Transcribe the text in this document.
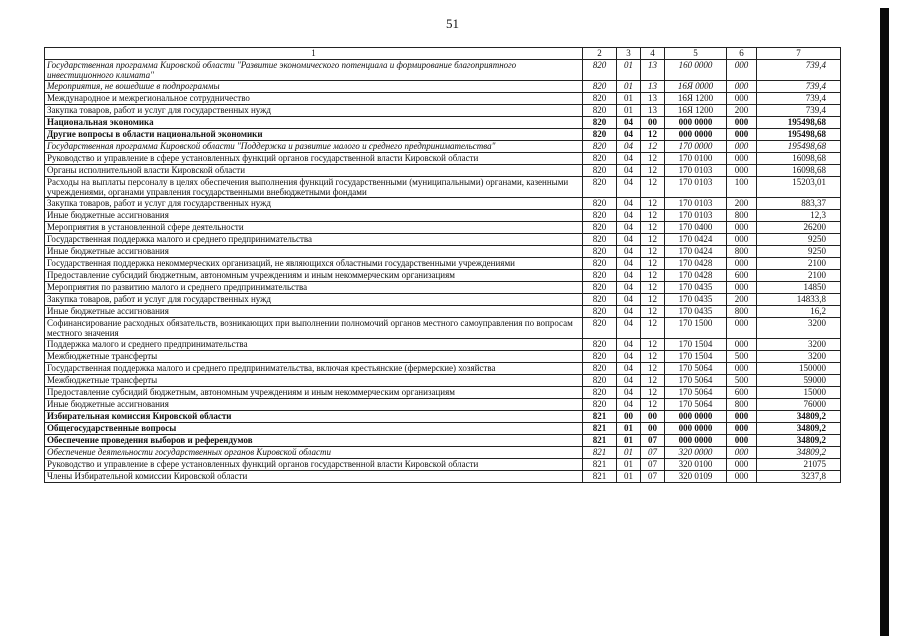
51
1	2	3	4	5	6	7
Государственная программа Кировской области "Развитие экономического потенциала и формирование благоприятного инвестиционного климата"	820	01	13	160 0000	000	739,4
Мероприятия, не вошедшие в подпрограммы	820	01	13	16Я 0000	000	739,4
Международное и межрегиональное сотрудничество	820	01	13	16Я 1200	000	739,4
Закупка товаров, работ и услуг для государственных нужд	820	01	13	16Я 1200	200	739,4
Национальная экономика	820	04	00	000 0000	000	195498,68
Другие вопросы в области национальной экономики	820	04	12	000 0000	000	195498,68
Государственная программа Кировской области "Поддержка и развитие малого и среднего предпринимательства"	820	04	12	170 0000	000	195498,68
Руководство и управление в сфере установленных функций органов государственной власти Кировской области	820	04	12	170 0100	000	16098,68
Органы исполнительной власти Кировской области	820	04	12	170 0103	000	16098,68
Расходы на выплаты персоналу в целях обеспечения выполнения функций государственными (муниципальными) органами, казенными учреждениями, органами управления государственными внебюджетными фондами	820	04	12	170 0103	100	15203,01
Закупка товаров, работ и услуг для государственных нужд	820	04	12	170 0103	200	883,37
Иные бюджетные ассигнования	820	04	12	170 0103	800	12,3
Мероприятия в установленной сфере деятельности	820	04	12	170 0400	000	26200
Государственная поддержка малого и среднего предпринимательства	820	04	12	170 0424	000	9250
Иные бюджетные ассигнования	820	04	12	170 0424	800	9250
Государственная поддержка некоммерческих организаций, не являющихся областными государственными учреждениями	820	04	12	170 0428	000	2100
Предоставление субсидий бюджетным, автономным учреждениям и иным некоммерческим организациям	820	04	12	170 0428	600	2100
Мероприятия по развитию малого и среднего предпринимательства	820	04	12	170 0435	000	14850
Закупка товаров, работ и услуг для государственных нужд	820	04	12	170 0435	200	14833,8
Иные бюджетные ассигнования	820	04	12	170 0435	800	16,2
Софинансирование расходных обязательств, возникающих при выполнении полномочий органов местного самоуправления по вопросам местного значения	820	04	12	170 1500	000	3200
Поддержка малого и среднего предпринимательства	820	04	12	170 1504	000	3200
Межбюджетные трансферты	820	04	12	170 1504	500	3200
Государственная поддержка малого и среднего предпринимательства, включая крестьянские (фермерские) хозяйства	820	04	12	170 5064	000	150000
Межбюджетные трансферты	820	04	12	170 5064	500	59000
Предоставление субсидий бюджетным, автономным учреждениям и иным некоммерческим организациям	820	04	12	170 5064	600	15000
Иные бюджетные ассигнования	820	04	12	170 5064	800	76000
Избирательная комиссия Кировской области	821	00	00	000 0000	000	34809,2
Общегосударственные вопросы	821	01	00	000 0000	000	34809,2
Обеспечение проведения выборов и референдумов	821	01	07	000 0000	000	34809,2
Обеспечение деятельности государственных органов Кировской области	821	01	07	320 0000	000	34809,2
Руководство и управление в сфере установленных функций органов государственной власти Кировской области	821	01	07	320 0100	000	21075
Члены Избирательной комиссии Кировской области	821	01	07	320 0109	000	3237,8
